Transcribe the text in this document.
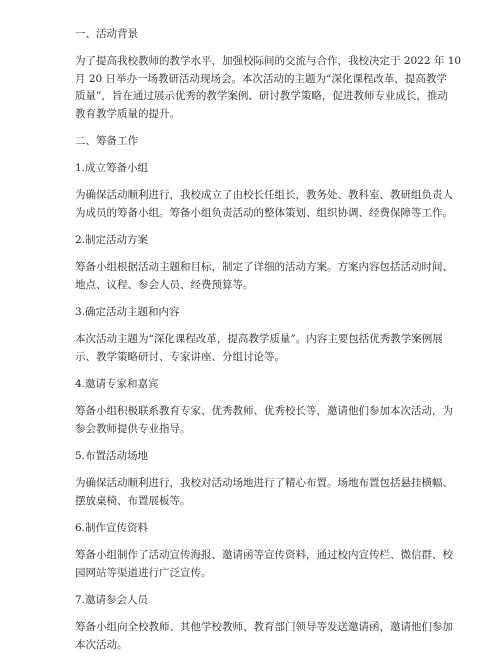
一、活动背景
为了提高我校教师的教学水平，加强校际间的交流与合作，我校决定于 2022 年 10
月 20 日举办一场教研活动现场会。本次活动的主题为“深化课程改革，提高教学
质量”，旨在通过展示优秀的教学案例、研讨教学策略，促进教师专业成长，推动
教育教学质量的提升。
二、筹备工作
1.成立筹备小组
为确保活动顺利进行，我校成立了由校长任组长，教务处、教科室、教研组负责人
为成员的筹备小组。筹备小组负责活动的整体策划、组织协调、经费保障等工作。
2.制定活动方案
筹备小组根据活动主题和目标，制定了详细的活动方案。方案内容包括活动时间、
地点、议程、参会人员、经费预算等。
3.确定活动主题和内容
本次活动主题为“深化课程改革，提高教学质量”。内容主要包括优秀教学案例展
示、教学策略研讨、专家讲座、分组讨论等。
4.邀请专家和嘉宾
筹备小组积极联系教育专家、优秀教师、优秀校长等，邀请他们参加本次活动，为
参会教师提供专业指导。
5.布置活动场地
为确保活动顺利进行，我校对活动场地进行了精心布置。场地布置包括悬挂横幅、
摆放桌椅、布置展板等。
6.制作宣传资料
筹备小组制作了活动宣传海报、邀请函等宣传资料，通过校内宣传栏、微信群、校
园网站等渠道进行广泛宣传。
7.邀请参会人员
筹备小组向全校教师、其他学校教师、教育部门领导等发送邀请函，邀请他们参加
本次活动。
